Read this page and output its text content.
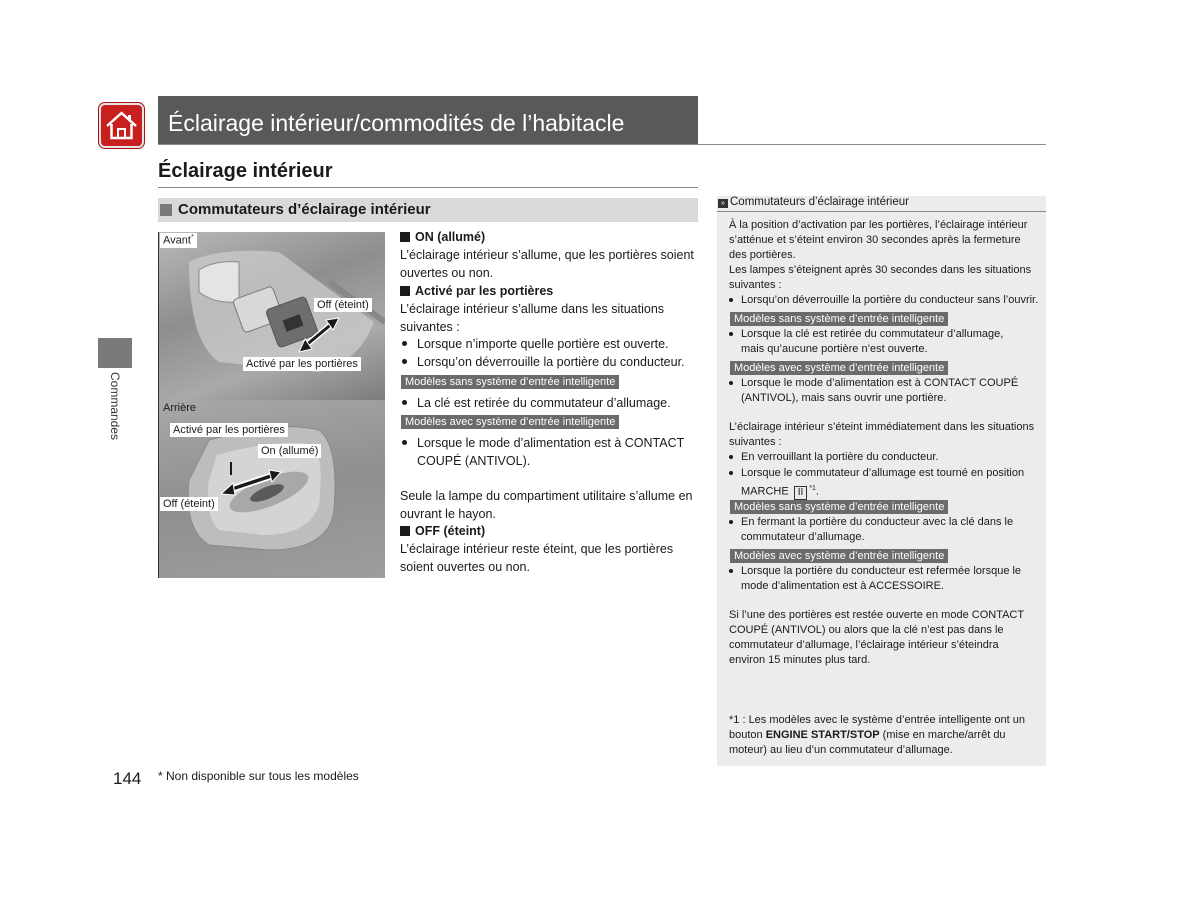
Éclairage intérieur/commodités de l’habitacle
Éclairage intérieur
Commutateurs d’éclairage intérieur
Commandes
Avant*
Off (éteint)
Activé par les portières
Arrière
Activé par les portières
On (allumé)
Off (éteint)
ON (allumé)
L’éclairage intérieur s’allume, que les portières soient ouvertes ou non.
Activé par les portières
L’éclairage intérieur s’allume dans les situations suivantes :
Lorsque n’importe quelle portière est ouverte.
Lorsqu’on déverrouille la portière du conducteur.
Modèles sans système d’entrée intelligente
La clé est retirée du commutateur d’allumage.
Modèles avec système d’entrée intelligente
Lorsque le mode d’alimentation est à CONTACT COUPÉ (ANTIVOL).
Seule la lampe du compartiment utilitaire s’allume en ouvrant le hayon.
OFF (éteint)
L’éclairage intérieur reste éteint, que les portières soient ouvertes ou non.
» Commutateurs d’éclairage intérieur
À la position d’activation par les portières, l’éclairage intérieur s’atténue et s’éteint environ 30 secondes après la fermeture des portières.
Les lampes s’éteignent après 30 secondes dans les situations suivantes :
Lorsqu’on déverrouille la portière du conducteur sans l’ouvrir.
Modèles sans système d’entrée intelligente
Lorsque la clé est retirée du commutateur d’allumage, mais qu’aucune portière n’est ouverte.
Modèles avec système d’entrée intelligente
Lorsque le mode d’alimentation est à CONTACT COUPÉ (ANTIVOL), mais sans ouvrir une portière.
L’éclairage intérieur s’éteint immédiatement dans les situations suivantes :
En verrouillant la portière du conducteur.
Lorsque le commutateur d’allumage est tourné en position MARCHE II $^{*1}$.
Modèles sans système d’entrée intelligente
En fermant la portière du conducteur avec la clé dans le commutateur d’allumage.
Modèles avec système d’entrée intelligente
Lorsque la portière du conducteur est refermée lorsque le mode d’alimentation est à ACCESSOIRE.
Si l’une des portières est restée ouverte en mode CONTACT COUPÉ (ANTIVOL) ou alors que la clé n’est pas dans le commutateur d’allumage, l’éclairage intérieur s’éteindra environ 15 minutes plus tard.
*1 : Les modèles avec le système d’entrée intelligente ont un bouton ENGINE START/STOP (mise en marche/arrêt du moteur) au lieu d’un commutateur d’allumage.
144 * Non disponible sur tous les modèles
